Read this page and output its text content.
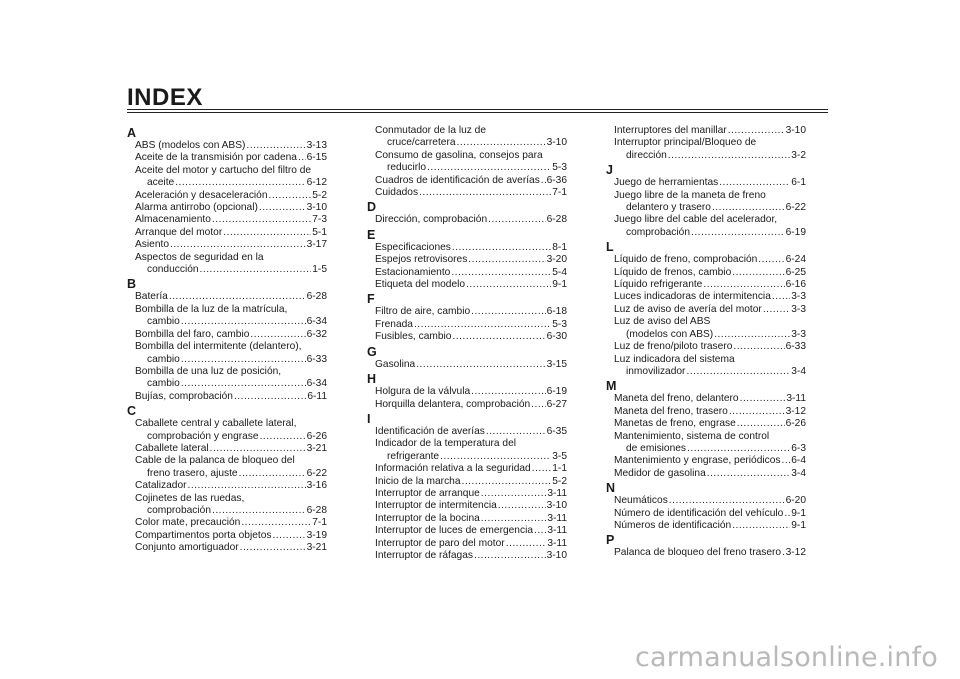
INDEX
A
ABS (modelos con ABS) .....	3-13
Aceite de la transmisión por cadena ..... 6-15
Aceite del motor y cartucho del filtro de
aceite .....	6-12
Aceleración y desaceleración .....	5-2
Alarma antirrobo (opcional) .....	3-10
Almacenamiento .....	7-3
Arranque del motor .....	5-1
Asiento .....	3-17
Aspectos de seguridad en la
conducción .....	1-5
B
Batería .....	6-28
Bombilla de la luz de la matrícula,
cambio .....	6-34
Bombilla del faro, cambio .....	6-32
Bombilla del intermitente (delantero),
cambio .....	6-33
Bombilla de una luz de posición,
cambio .....	6-34
Bujías, comprobación .....	6-11
C
Caballete central y caballete lateral,
comprobación y engrase .....	6-26
Caballete lateral .....	3-21
Cable de la palanca de bloqueo del
freno trasero, ajuste .....	6-22
Catalizador .....	3-16
Cojinetes de las ruedas,
comprobación .....	6-28
Color mate, precaución .....	7-1
Compartimentos porta objetos .....	3-19
Conjunto amortiguador .....	3-21
Conmutador de la luz de
cruce/carretera .....	3-10
Consumo de gasolina, consejos para
reducirlo .....	5-3
Cuadros de identificación de averías ..... 6-36
Cuidados .....	7-1
D
Dirección, comprobación .....	6-28
E
Especificaciones .....	8-1
Espejos retrovisores .....	3-20
Estacionamiento .....	5-4
Etiqueta del modelo .....	9-1
F
Filtro de aire, cambio .....	6-18
Frenada .....	5-3
Fusibles, cambio .....	6-30
G
Gasolina .....	3-15
H
Holgura de la válvula .....	6-19
Horquilla delantera, comprobación ..... 6-27
I
Identificación de averías .....	6-35
Indicador de la temperatura del
refrigerante .....	3-5
Información relativa a la seguridad ..... 1-1
Inicio de la marcha .....	5-2
Interruptor de arranque .....	3-11
Interruptor de intermitencia .....	3-10
Interruptor de la bocina .....	3-11
Interruptor de luces de emergencia ..... 3-11
Interruptor de paro del motor .....	3-11
Interruptor de ráfagas .....	3-10
Interruptores del manillar .....	3-10
Interruptor principal/Bloqueo de
dirección .....	3-2
J
Juego de herramientas .....	6-1
Juego libre de la maneta de freno
delantero y trasero .....	6-22
Juego libre del cable del acelerador,
comprobación .....	6-19
L
Líquido de freno, comprobación .....	6-24
Líquido de frenos, cambio .....	6-25
Líquido refrigerante .....	6-16
Luces indicadoras de intermitencia ..... 3-3
Luz de aviso de avería del motor .....	3-3
Luz de aviso del ABS
(modelos con ABS) .....	3-3
Luz de freno/piloto trasero .....	6-33
Luz indicadora del sistema
inmovilizador .....	3-4
M
Maneta del freno, delantero .....	3-11
Maneta del freno, trasero .....	3-12
Manetas de freno, engrase .....	6-26
Mantenimiento, sistema de control
de emisiones .....	6-3
Mantenimiento y engrase, periódicos ..... 6-4
Medidor de gasolina .....	3-4
N
Neumáticos .....	6-20
Número de identificación del vehículo ..... 9-1
Números de identificación .....	9-1
P
Palanca de bloqueo del freno trasero ..... 3-12
carmanualsonline.info
